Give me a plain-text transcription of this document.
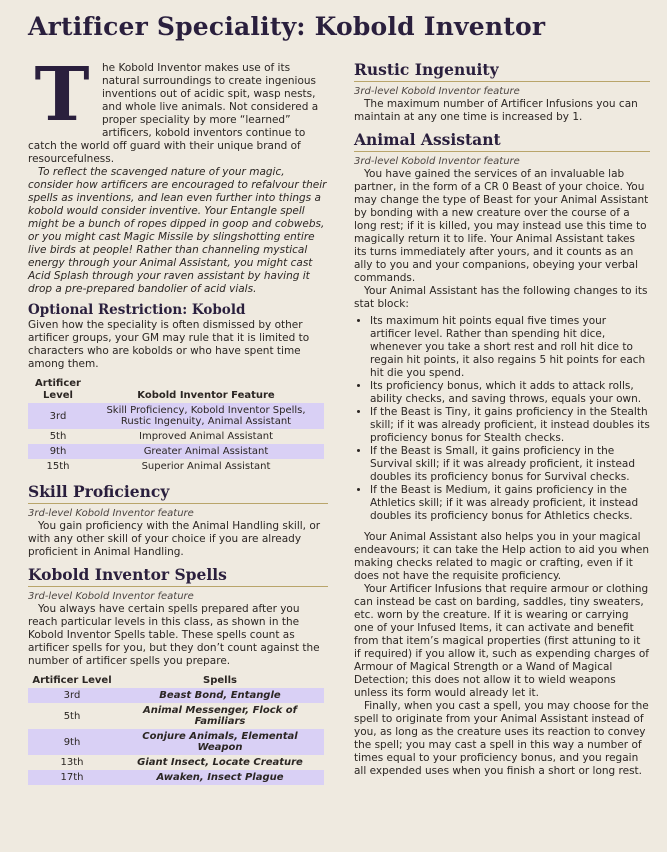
Artificer Speciality: Kobold Inventor
T	he Kobold Inventor makes use of its natural surroundings to create ingenious inventions out of acidic spit, wasp nests, and whole live animals. Not considered a proper speciality by more “learned” artificers, kobold inventors continue to catch the world off guard with their unique brand of resourcefulness.

To reflect the scavenged nature of your magic, consider how artificers are encouraged to refalvour their spells as inventions, and lean even further into things a kobold would consider inventive. Your Entangle spell might be a bunch of ropes dipped in goop and cobwebs, or you might cast Magic Missile by slingshotting entire live birds at people! Rather than channeling mystical energy through your Animal Assistant, you might cast Acid Splash through your raven assistant by having it drop a pre-prepared bandolier of acid vials.

Optional Restriction: Kobold

Given how the speciality is often dismissed by other artificer groups, your GM may rule that it is limited to characters who are kobolds or who have spent time among them.

Artificer Level	Kobold Inventor Feature
3rd	Skill Proficiency, Kobold Inventor Spells, Rustic Ingenuity, Animal Assistant
5th	Improved Animal Assistant
9th	Greater Animal Assistant
15th	Superior Animal Assistant
Skill Proficiency
3rd-level Kobold Inventor feature

You gain proficiency with the Animal Handling skill, or with any other skill of your choice if you are already proficient in Animal Handling.

Kobold Inventor Spells
3rd-level Kobold Inventor feature

You always have certain spells prepared after you reach particular levels in this class, as shown in the Kobold Inventor Spells table. These spells count as artificer spells for you, but they don’t count against the number of artificer spells you prepare.

Artificer Level	Spells
3rd	Beast Bond, Entangle
5th	Animal Messenger, Flock of Familiars
9th	Conjure Animals, Elemental Weapon
13th	Giant Insect, Locate Creature
17th	Awaken, Insect Plague
Rustic Ingenuity
3rd-level Kobold Inventor feature

The maximum number of Artificer Infusions you can maintain at any one time is increased by 1.

Animal Assistant
3rd-level Kobold Inventor feature

You have gained the services of an invaluable lab partner, in the form of a CR 0 Beast of your choice. You may change the type of Beast for your Animal Assistant by bonding with a new creature over the course of a long rest; if it is killed, you may instead use this time to magically return it to life. Your Animal Assistant takes its turns immediately after yours, and it counts as an ally to you and your companions, obeying your verbal commands.

Your Animal Assistant has the following changes to its stat block:

• Its maximum hit points equal five times your artificer level. Rather than spending hit dice, whenever you take a short rest and roll hit dice to regain hit points, it also regains 5 hit points for each hit die you spend.
• Its proficiency bonus, which it adds to attack rolls, ability checks, and saving throws, equals your own.
• If the Beast is Tiny, it gains proficiency in the Stealth skill; if it was already proficient, it instead doubles its proficiency bonus for Stealth checks.
• If the Beast is Small, it gains proficiency in the Survival skill; if it was already proficient, it instead doubles its proficiency bonus for Survival checks.
• If the Beast is Medium, it gains proficiency in the Athletics skill; if it was already proficient, it instead doubles its proficiency bonus for Athletics checks.

Your Animal Assistant also helps you in your magical endeavours; it can take the Help action to aid you when making checks related to magic or crafting, even if it does not have the requisite proficiency.

Your Artificer Infusions that require armour or clothing can instead be cast on barding, saddles, tiny sweaters, etc. worn by the creature. If it is wearing or carrying one of your Infused Items, it can activate and benefit from that item’s magical properties (first attuning to it if required) if you allow it, such as expending charges of Armour of Magical Strength or a Wand of Magical Detection; this does not allow it to wield weapons unless its form would already let it.

Finally, when you cast a spell, you may choose for the spell to originate from your Animal Assistant instead of you, as long as the creature uses its reaction to convey the spell; you may cast a spell in this way a number of times equal to your proficiency bonus, and you regain all expended uses when you finish a short or long rest.
